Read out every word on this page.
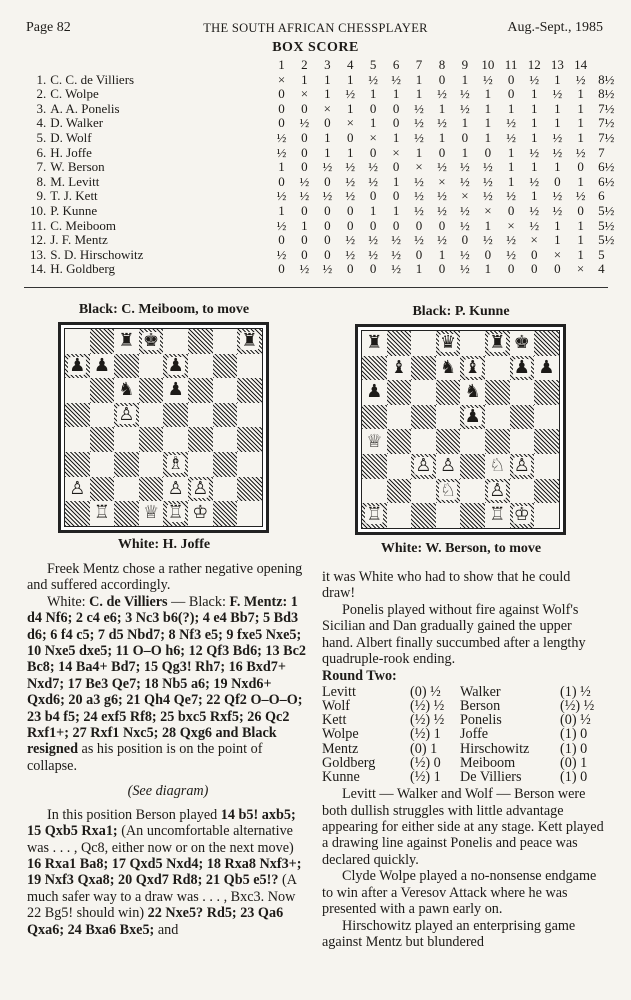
Page 82	THE SOUTH AFRICAN CHESSPLAYER	Aug.-Sept., 1985
BOX SCORE
		1	2	3	4	5	6	7	8	9	10	11	12	13	14	
1.	C. C. de Villiers	×	1	1	1	½	½	1	0	1	½	0	½	1	½	8½
2.	C. Wolpe	0	×	1	½	1	1	1	½	½	1	0	1	½	1	8½
3.	A. A. Ponelis	0	0	×	1	0	0	½	1	½	1	1	1	1	1	7½
4.	D. Walker	0	½	0	×	1	0	½	½	1	1	½	1	1	1	7½
5.	D. Wolf	½	0	1	0	×	1	½	1	0	1	½	1	½	1	7½
6.	H. Joffe	½	0	1	1	0	×	1	0	1	0	1	½	½	½	7
7.	W. Berson	1	0	½	½	½	0	×	½	½	½	1	1	1	0	6½
8.	M. Levitt	0	½	0	½	½	1	½	×	½	½	1	½	0	1	6½
9.	T. J. Kett	½	½	½	½	0	0	½	½	×	½	½	1	½	½	6
10.	P. Kunne	1	0	0	0	1	1	½	½	½	×	0	½	½	0	5½
11.	C. Meiboom	½	1	0	0	0	0	0	0	½	1	×	½	1	1	5½
12.	J. F. Mentz	0	0	0	½	½	½	½	½	0	½	½	×	1	1	5½
13.	S. D. Hirschowitz	½	0	0	½	½	½	0	1	½	0	½	0	×	1	5
14.	H. Goldberg	0	½	½	0	0	½	1	0	½	1	0	0	0	×	4
Black: C. Meiboom, to move
♜ ♚	♜
♟ ♟	♟
♞ ♟
♙
♗
♙	♙ ♙
♖ ♕ ♖ ♔
White: H. Joffe
Black: P. Kunne
♜	♛ ♜ ♚
♝ ♞ ♝ ♟ ♟
♟	♞
♟
♕
♙ ♙ ♘ ♙
♘ ♙
♖	♖ ♔
White: W. Berson, to move

Freek Mentz chose a rather negative opening and suffered accordingly.

White: C. de Villiers — Black: F. Mentz: 1 d4 Nf6; 2 c4 e6; 3 Nc3 b6(?); 4 e4 Bb7; 5 Bd3 d6; 6 f4 c5; 7 d5 Nbd7; 8 Nf3 e5; 9 fxe5 Nxe5; 10 Nxe5 dxe5; 11 O–O h6; 12 Qf3 Bd6; 13 Bc2 Bc8; 14 Ba4+ Bd7; 15 Qg3! Rh7; 16 Bxd7+ Nxd7; 17 Be3 Qe7; 18 Nb5 a6; 19 Nxd6+ Qxd6; 20 a3 g6; 21 Qh4 Qe7; 22 Qf2 O–O–O; 23 b4 f5; 24 exf5 Rf8; 25 bxc5 Rxf5; 26 Qc2 Rxf1+; 27 Rxf1 Nxc5; 28 Qxg6 and Black resigned as his position is on the point of collapse.

(See diagram)

In this position Berson played 14 b5! axb5; 15 Qxb5 Rxa1; (An uncomfortable alternative was . . . , Qc8, either now or on the next move) 16 Rxa1 Ba8; 17 Qxd5 Nxd4; 18 Rxa8 Nxf3+; 19 Nxf3 Qxa8; 20 Qxd7 Rd8; 21 Qb5 e5!? (A much safer way to a draw was . . . , Bxc3. Now 22 Bg5! should win) 22 Nxe5? Rd5; 23 Qa6 Qxa6; 24 Bxa6 Bxe5; and

it was White who had to show that he could draw!

Ponelis played without fire against Wolf's Sicilian and Dan gradually gained the upper hand. Albert finally succumbed after a lengthy quadruple-rook ending.

Round Two:

Levitt	(0) ½	Walker	(1) ½
Wolf	(½) ½	Berson	(½) ½
Kett	(½) ½	Ponelis	(0) ½
Wolpe	(½) 1	Joffe	(1) 0
Mentz	(0) 1	Hirschowitz	(1) 0
Goldberg	(½) 0	Meiboom	(0) 1
Kunne	(½) 1	De Villiers	(1) 0

Levitt — Walker and Wolf — Berson were both dullish struggles with little advantage appearing for either side at any stage. Kett played a drawing line against Ponelis and peace was declared quickly.

Clyde Wolpe played a no-nonsense endgame to win after a Veresov Attack where he was presented with a pawn early on.

Hirschowitz played an enterprising game against Mentz but blundered
